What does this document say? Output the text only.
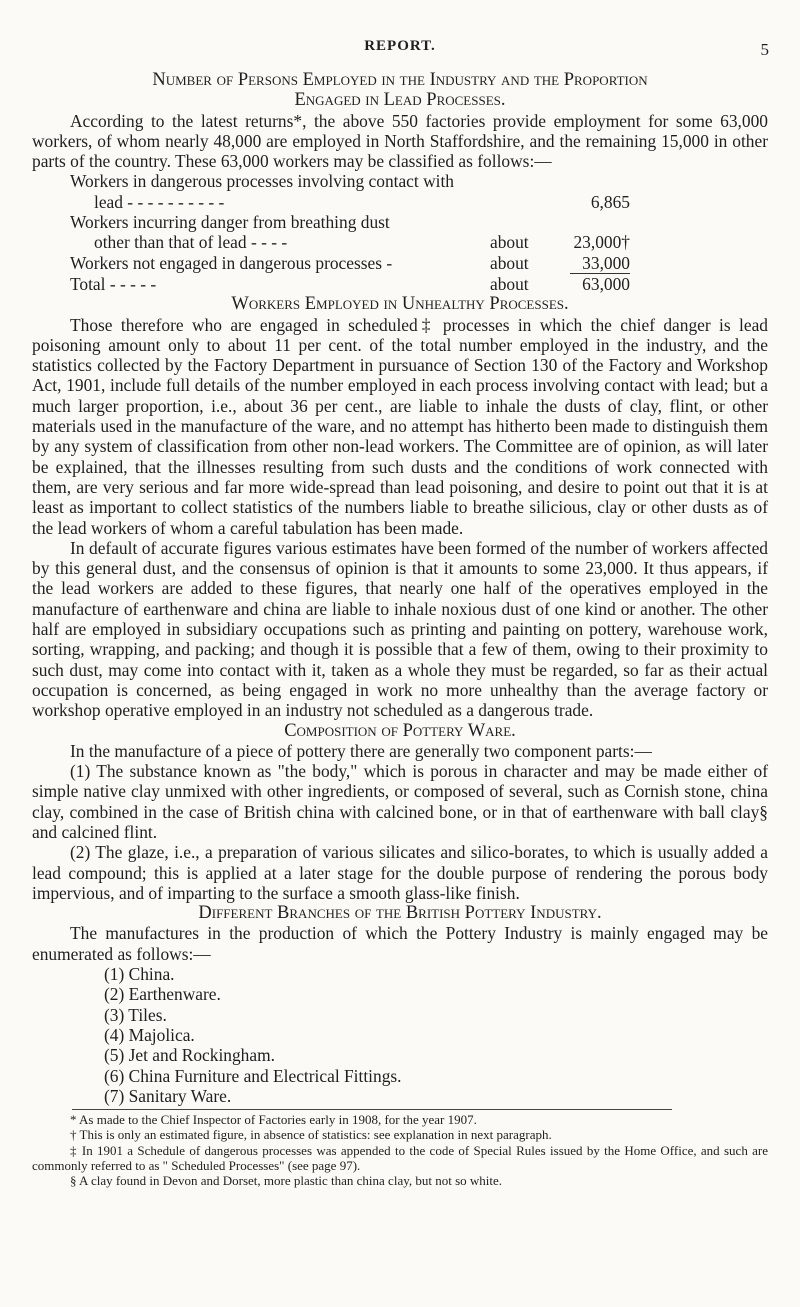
REPORT.	5
Number of Persons Employed in the Industry and the Proportion
Engaged in Lead Processes.

According to the latest returns*, the above 550 factories provide employment for some 63,000 workers, of whom nearly 48,000 are employed in North Staffordshire, and the remaining 15,000 in other parts of the country. These 63,000 workers may be classified as follows:—

Workers in dangerous processes involving contact with
lead - - - - - - - - - -		6,865

Workers incurring danger from breathing dust
other than that of lead - - - -	about	23,000†
Workers not engaged in dangerous processes -	about	33,000
Total - - - - -	about	63,000
Workers Employed in Unhealthy Processes.

Those therefore who are engaged in scheduled‡ processes in which the chief danger is lead poisoning amount only to about 11 per cent. of the total number employed in the industry, and the statistics collected by the Factory Department in pursuance of Section 130 of the Factory and Workshop Act, 1901, include full details of the number employed in each process involving contact with lead; but a much larger proportion, i.e., about 36 per cent., are liable to inhale the dusts of clay, flint, or other materials used in the manufacture of the ware, and no attempt has hitherto been made to distinguish them by any system of classification from other non-lead workers. The Committee are of opinion, as will later be explained, that the illnesses resulting from such dusts and the conditions of work connected with them, are very serious and far more wide-spread than lead poisoning, and desire to point out that it is at least as important to collect statistics of the numbers liable to breathe silicious, clay or other dusts as of the lead workers of whom a careful tabulation has been made.

In default of accurate figures various estimates have been formed of the number of workers affected by this general dust, and the consensus of opinion is that it amounts to some 23,000. It thus appears, if the lead workers are added to these figures, that nearly one half of the operatives employed in the manufacture of earthenware and china are liable to inhale noxious dust of one kind or another. The other half are employed in subsidiary occupations such as printing and painting on pottery, warehouse work, sorting, wrapping, and packing; and though it is possible that a few of them, owing to their proximity to such dust, may come into contact with it, taken as a whole they must be regarded, so far as their actual occupation is concerned, as being engaged in work no more unhealthy than the average factory or workshop operative employed in an industry not scheduled as a dangerous trade.

Composition of Pottery Ware.

In the manufacture of a piece of pottery there are generally two component parts:—

(1) The substance known as "the body," which is porous in character and may be made either of simple native clay unmixed with other ingredients, or composed of several, such as Cornish stone, china clay, combined in the case of British china with calcined bone, or in that of earthenware with ball clay§ and calcined flint.

(2) The glaze, i.e., a preparation of various silicates and silico-borates, to which is usually added a lead compound; this is applied at a later stage for the double purpose of rendering the porous body impervious, and of imparting to the surface a smooth glass-like finish.

Different Branches of the British Pottery Industry.

The manufactures in the production of which the Pottery Industry is mainly engaged may be enumerated as follows:—

(1) China.
(2) Earthenware.
(3) Tiles.
(4) Majolica.
(5) Jet and Rockingham.
(6) China Furniture and Electrical Fittings.
(7) Sanitary Ware.
* As made to the Chief Inspector of Factories early in 1908, for the year 1907.
† This is only an estimated figure, in absence of statistics: see explanation in next paragraph.
‡ In 1901 a Schedule of dangerous processes was appended to the code of Special Rules issued by the Home Office, and such are commonly referred to as " Scheduled Processes" (see page 97).
§ A clay found in Devon and Dorset, more plastic than china clay, but not so white.
